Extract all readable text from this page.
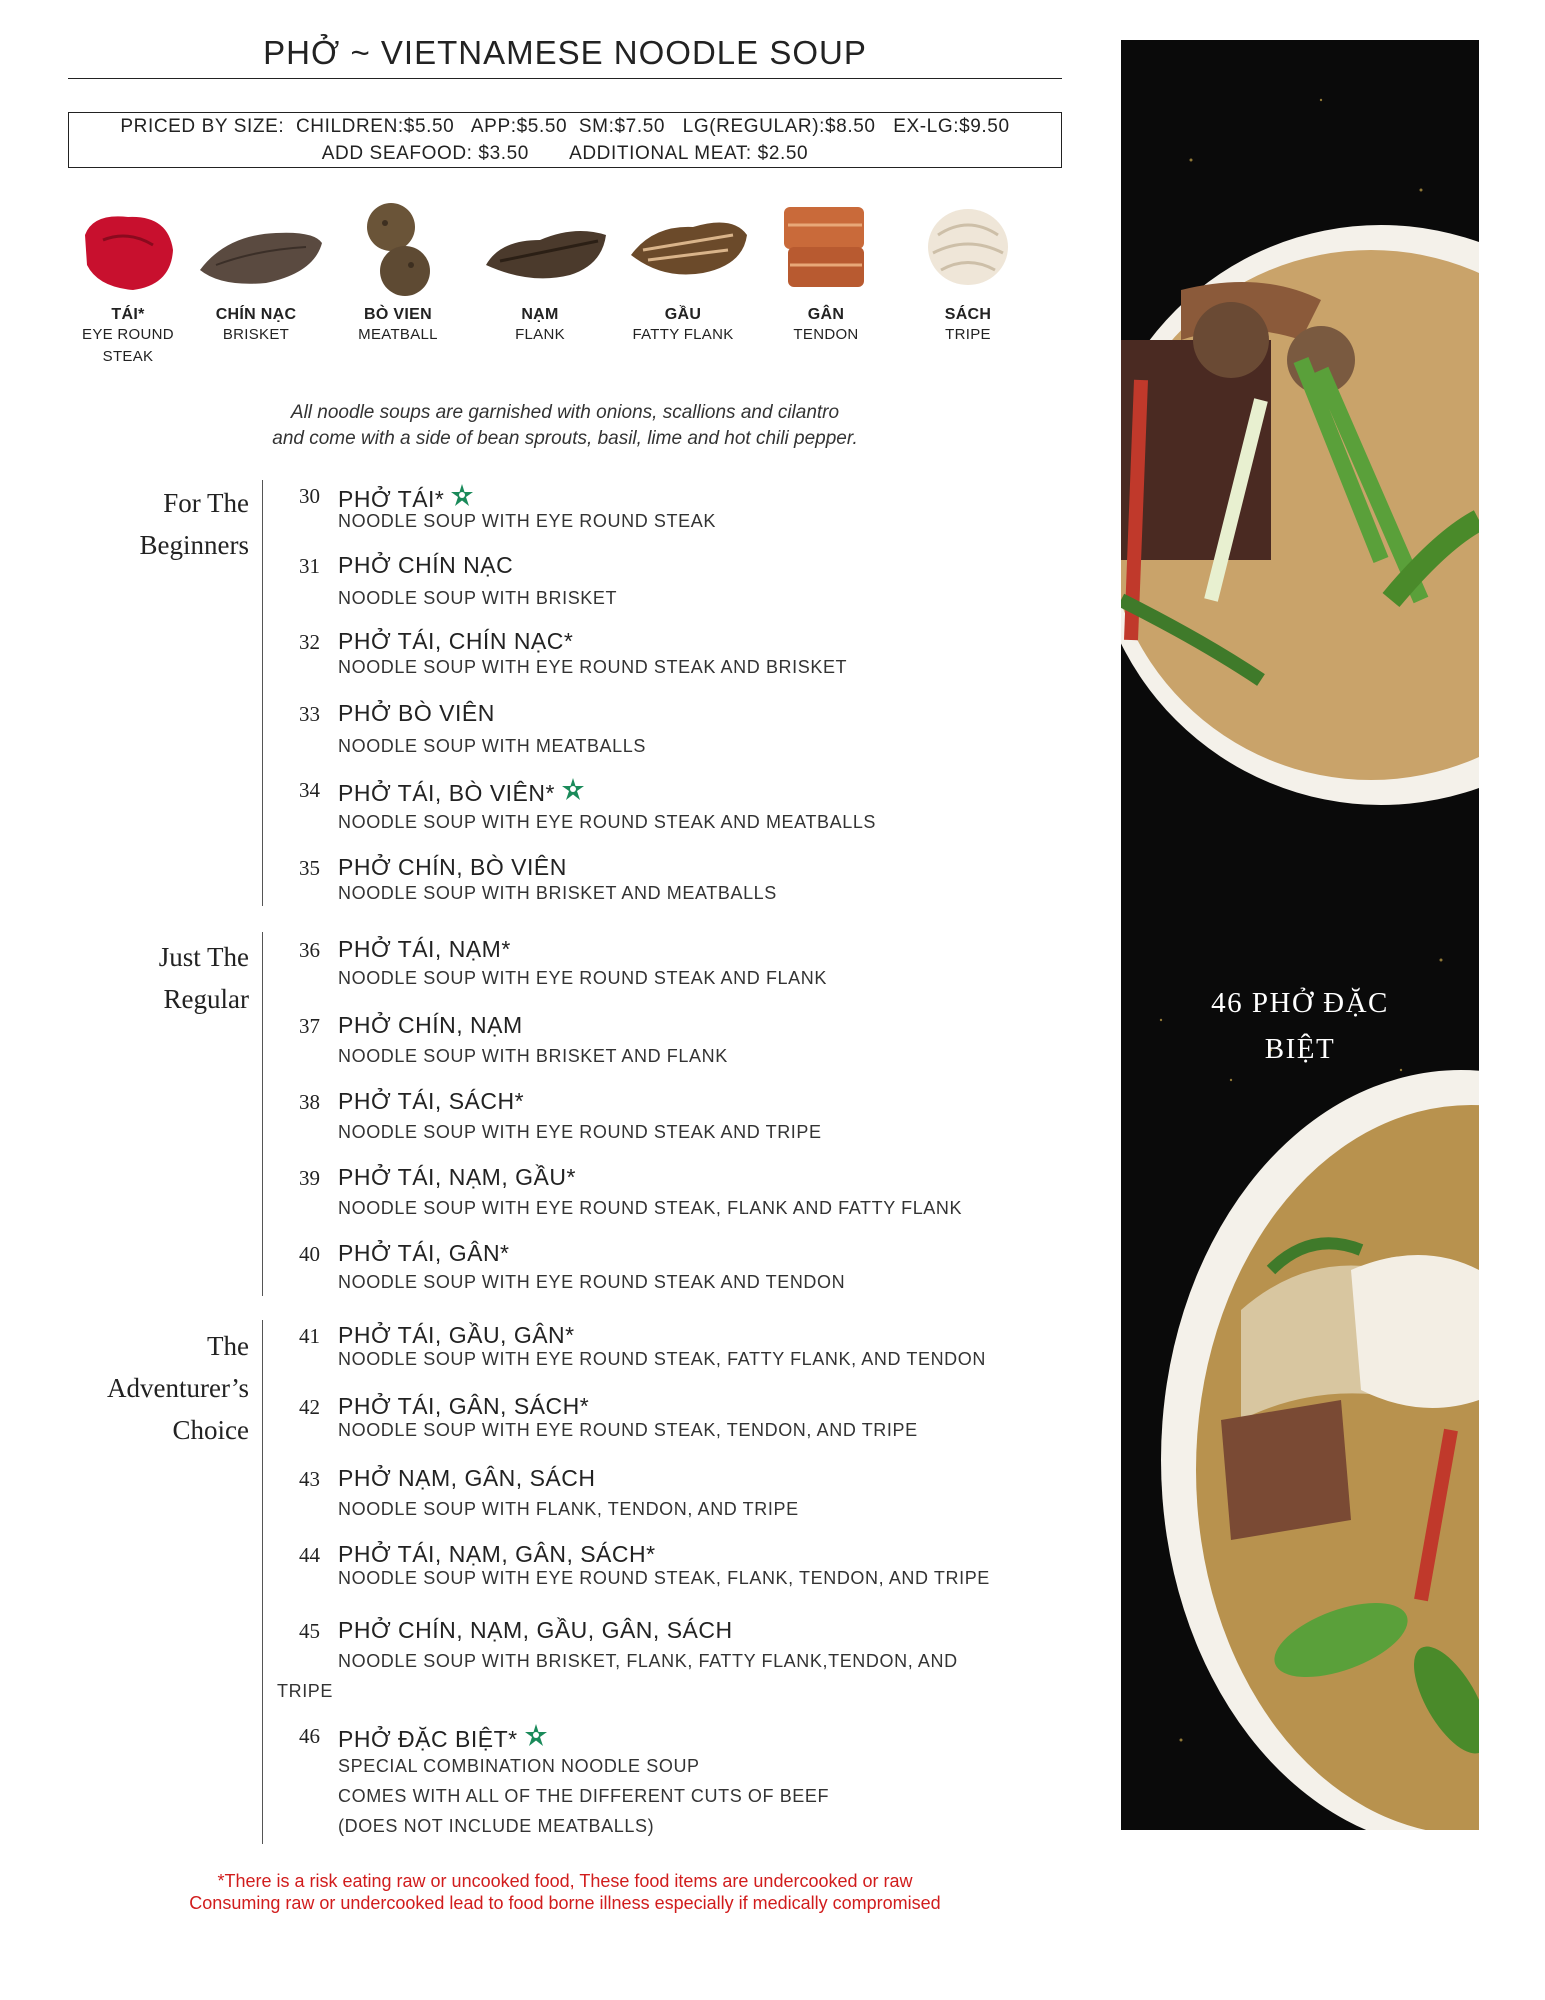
PHỞ ~ VIETNAMESE NOODLE SOUP
PRICED BY SIZE:  CHILDREN:$5.50   APP:$5.50  SM:$7.50   LG(REGULAR):$8.50   EX-LG:$9.50
ADD SEAFOOD: $3.50       ADDITIONAL MEAT: $2.50
TÁI*
EYE ROUND
STEAK
CHÍN NẠC
BRISKET
BÒ VIEN
MEATBALL
NẠM
FLANK
GẦU
FATTY FLANK
GÂN
TENDON
SÁCH
TRIPE
All noodle soups are garnished with onions, scallions and cilantro
and come with a side of bean sprouts, basil, lime and hot chili pepper.
For The
Beginners
Just The
Regular
The
Adventurer’s
Choice
30 PHỞ TÁI*
NOODLE SOUP WITH EYE ROUND STEAK
31 PHỞ CHÍN NẠC
NOODLE SOUP WITH BRISKET
32 PHỞ TÁI, CHÍN NẠC*
NOODLE SOUP WITH EYE ROUND STEAK AND BRISKET
33 PHỞ BÒ VIÊN
NOODLE SOUP WITH MEATBALLS
34 PHỞ TÁI, BÒ VIÊN*
NOODLE SOUP WITH EYE ROUND STEAK AND MEATBALLS
35 PHỞ CHÍN, BÒ VIÊN
NOODLE SOUP WITH BRISKET AND MEATBALLS
36 PHỞ TÁI, NẠM*
NOODLE SOUP WITH EYE ROUND STEAK AND FLANK
37 PHỞ CHÍN, NẠM
NOODLE SOUP WITH BRISKET AND FLANK
38 PHỞ TÁI, SÁCH*
NOODLE SOUP WITH EYE ROUND STEAK AND TRIPE
39 PHỞ TÁI, NẠM, GẦU*
NOODLE SOUP WITH EYE ROUND STEAK, FLANK AND FATTY FLANK
40 PHỞ TÁI, GÂN*
NOODLE SOUP WITH EYE ROUND STEAK AND TENDON
41 PHỞ TÁI, GẦU, GÂN*
NOODLE SOUP WITH EYE ROUND STEAK, FATTY FLANK, AND TENDON
42 PHỞ TÁI, GÂN, SÁCH*
NOODLE SOUP WITH EYE ROUND STEAK, TENDON, AND TRIPE
43 PHỞ NẠM, GÂN, SÁCH
NOODLE SOUP WITH FLANK, TENDON, AND TRIPE
44 PHỞ TÁI, NẠM, GÂN, SÁCH*
NOODLE SOUP WITH EYE ROUND STEAK, FLANK, TENDON, AND TRIPE
45 PHỞ CHÍN, NẠM, GẦU, GÂN, SÁCH
NOODLE SOUP WITH BRISKET, FLANK, FATTY FLANK,TENDON, AND
TRIPE
46 PHỞ ĐẶC BIỆT*
SPECIAL COMBINATION NOODLE SOUP
COMES WITH ALL OF THE DIFFERENT CUTS OF BEEF
(DOES NOT INCLUDE MEATBALLS)
46 PHỞ ĐẶC
BIỆT
*There is a risk eating raw or uncooked food, These food items are undercooked or raw
Consuming raw or undercooked lead to food borne illness especially if medically compromised
